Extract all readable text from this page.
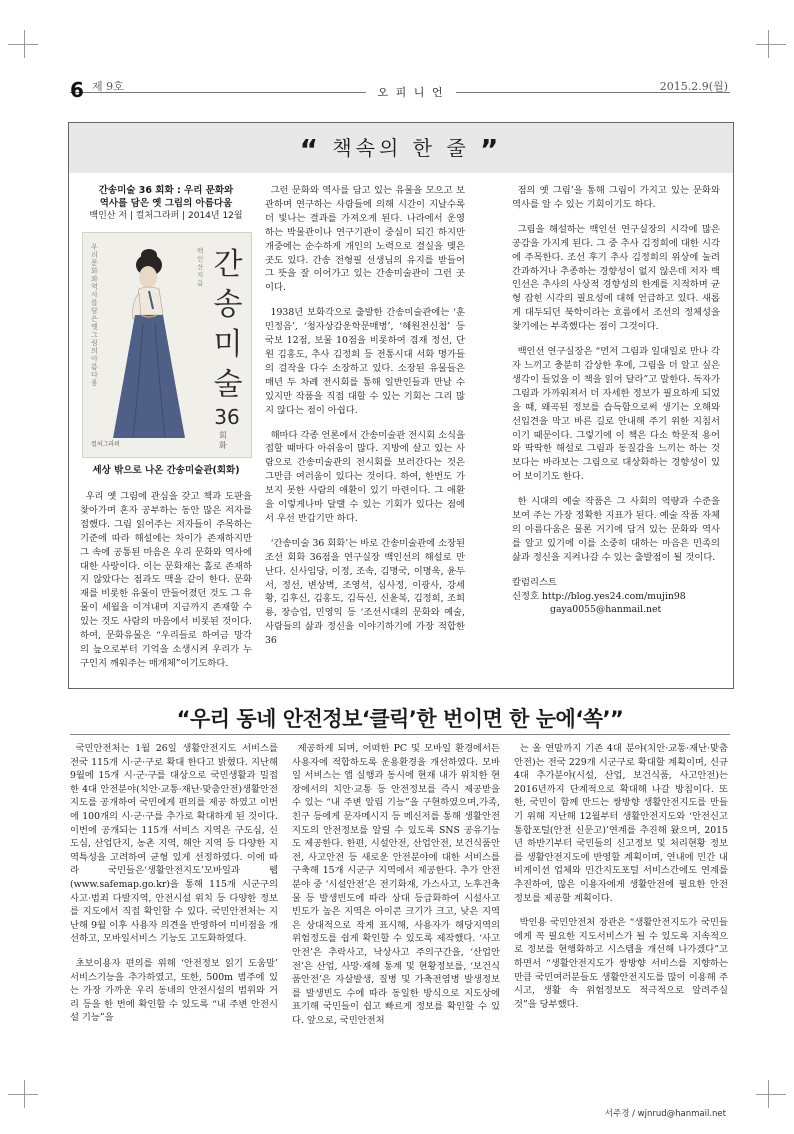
6 제 9호	오 피 니 언	2015.2.9(월)
“ 책속의 한 줄 ”
간송미술 36 회화 : 우리 문화와
역사를 담은 옛 그림의 아름다움
백인산 저 | 컬처그라퍼 | 2014년 12월
우리 문화와 역사를 담은 옛 그림의 아름다움
백인산 지음
간송미술
36
회화
컬처그라퍼
세상 밖으로 나온 간송미술관(회화)

우리 옛 그림에 관심을 갖고 책과 도판을 찾아가며 혼자 공부하는 동안 많은 저자를 접했다. 그림 읽어주는 저자들이 주목하는 기준에 따라 해설에는 차이가 존재하지만 그 속에 공통된 마음은 우리 문화와 역사에 대한 사랑이다. 이는 문화재는 홀로 존재하지 않았다는 점과도 맥을 같이 한다. 문화재를 비롯한 유물이 만들어졌던 것도 그 유물이 세월을 이겨내며 지금까지 존재할 수 있는 것도 사람의 마음에서 비롯된 것이다. 하여, 문화유물은 “우리들로 하여금 망각의 늪으로부터 기억을 소생시켜 우리가 누구인지 깨워주는 매개체”이기도하다.

그런 문화와 역사를 담고 있는 유물을 모으고 보관하며 연구하는 사람들에 의해 시간이 지날수록 더 빛나는 결과를 가져오게 된다. 나라에서 운영하는 박물관이나 연구기관이 중심이 되긴 하지만 개중에는 순수하게 개인의 노력으로 결실을 맺은 곳도 있다. 간송 전형필 선생님의 유지를 받들어 그 뜻을 잘 이어가고 있는 간송미술관이 그런 곳이다.

1938년 보화각으로 출발한 간송미술관에는 ‘훈민정음’, ‘청자상감운학문매병’, ‘혜원전신첩’ 등 국보 12점, 보물 10점을 비롯하여 겸재 정선, 단원 김홍도, 추사 김정희 등 전통시대 서화 명가들의 걸작을 다수 소장하고 있다. 소장된 유물들은 매년 두 차례 전시회를 통해 일반인들과 만날 수 있지만 작품을 직접 대할 수 있는 기회는 그리 많지 않다는 점이 아쉽다.

해마다 각종 언론에서 간송미술관 전시회 소식을 접할 때마다 아쉬움이 많다. 지방에 살고 있는 사람으로 간송미술관의 전시회를 보러간다는 것은 그만큼 여러움이 있다는 것이다. 하여, 한번도 가보지 못한 사람의 애환이 있기 마련이다. 그 애환을 이렇게나마 달랠 수 있는 기회가 있다는 점에서 우선 반갑기만 하다.

‘간송미술 36 회화’는 바로 간송미술관에 소장된 조선 회화 36점을 연구실장 백인선의 해설로 만난다. 신사임당, 이정, 조속, 김명국, 이명욱, 윤두서, 정선, 변상벽, 조영석, 심사정, 이광사, 강세황, 김후신, 김홍도, 김득신, 신윤복, 김정희, 조희룡, 장승업, 민영익 등 ‘조선시대의 문화와 예술, 사람들의 삶과 정신을 이야기하기에 가장 적합한 36

점의 옛 그림’을 통해 그림이 가지고 있는 문화와 역사를 알 수 있는 기회이기도 하다.

그림을 해설하는 백인선 연구실장의 시각에 많은 공감을 가지게 된다. 그 중 추사 김정희에 대한 시각에 주목한다. 조선 후기 추사 김정희의 위상에 눌려 간과하거나 추종하는 경향성이 없지 않은데 저자 백인선은 추사의 사상적 경향성의 한계를 지적하며 균형 잡힌 시각의 필요성에 대해 언급하고 있다. 새롭게 대두되던 북학이라는 흐름에서 조선의 정체성을 찾기에는 부족했다는 점이 그것이다.

백인선 연구실장은 “먼저 그림과 일대일로 만나 각자 느끼고 충분히 감상한 후에, 그림을 더 알고 싶은 생각이 들었을 이 책을 읽어 달라”고 말한다. 독자가 그림과 가까워져서 더 자세한 정보가 필요하게 되었을 때, 왜곡된 정보를 습득함으로써 생기는 오해와 선입견을 막고 바른 길로 안내해 주기 위한 지침서이기 때문이다. 그렇기에 이 책은 다소 학문적 용어와 딱딱한 해설로 그림과 동질감을 느끼는 하는 것 보다는 바라보는 그림으로 대상화하는 경향성이 있어 보이기도 한다.

한 시대의 예술 작품은 그 사회의 역량과 수준을 보여 주는 가장 정확한 지표가 된다. 예술 작품 자체의 아름다움은 물론 거기에 담겨 있는 문화와 역사를 알고 있기에 이를 소중히 대하는 마음은 민족의 삶과 정신을 지켜나갈 수 있는 출발점이 될 것이다.

칼럼리스트

신정호 http://blog.yes24.com/mujin98

gaya0055@hanmail.net

“우리 동네 안전정보‘클릭’한 번이면 한 눈에‘쏙’”

국민안전처는 1월 26일 생활안전지도 서비스를 전국 115개 시·군·구로 확대 한다고 밝혔다. 지난해 9월에 15개 시·군·구를 대상으로 국민생활과 밀접한 4대 안전분야(치안·교통·재난·맞춤안전)생활안전지도를 공개하여 국민에게 편의를 제공 하였고 이번에 100개의 시·군·구를 추가로 확대하게 된 것이다. 이번에 공개되는 115개 서비스 지역은 구도심, 신도심, 산업단지, 농촌 지역, 해안 지역 등 다양한 지역특성을 고려하여 균형 있게 선정하였다. 이에 따라 국민들은‘생활안전지도’모바일과 웹(www.safemap.go.kr)을 통해 115개 시군구의 사고·범죄 다발지역, 안전시설 위치 등 다양한 정보를 지도에서 직접 확인할 수 있다. 국민안전처는 지난해 9월 이후 사용자 의견을 반영하여 미비점을 개선하고, 모바일서비스 기능도 고도화하였다.

초보이용자 편의를 위해 ‘안전정보 읽기 도움말’ 서비스기능을 추가하였고, 또한, 500m 범주에 있는 가장 가까운 우리 동네의 안전시설의 범위와 거리 등을 한 번에 확인할 수 있도록 “내 주변 안전시설 기능”을

제공하게 되며, 어떠한 PC 및 모바일 환경에서든 사용자에 적합하도록 운용환경을 개선하였다. 모바일 서비스는 앱 실행과 동시에 현재 내가 위치한 현장에서의 치안·교통 등 안전정보를 즉시 제공받을 수 있는 “내 주변 알림 기능”을 구현하였으며,가족, 친구 등에게 문자메시지 등 메신저를 통해 생활안전지도의 안전정보를 알릴 수 있도록 SNS 공유기능도 제공한다. 한편, 시설안전, 산업안전, 보건식품안전, 사고안전 등 새로운 안전분야에 대한 서비스를 구축해 15개 시군구 지역에서 제공한다. 추가 안전분야 중 ‘시설안전’은 전기화재, 가스사고, 노후건축물 등 발생빈도에 따라 상대 등급화하여 시설사고 빈도가 높은 지역은 아이콘 크기가 크고, 낮은 지역은 상대적으로 작게 표시해, 사용자가 해당지역의 위험정도를 쉽게 확인할 수 있도록 제작했다. ‘사고안전’은 추락사고, 낙상사고 주의구간을, ‘산업안전’은 산업, 사망·재해 통계 및 현황정보를, ‘보건식품안전’은 자살발생, 질병 및 가축전염병 발생정보를 발생빈도 수에 따라 동일한 방식으로 지도상에 표기해 국민들이 쉽고 빠르게 정보를 확인할 수 있다. 앞으로, 국민안전처

는 올 연말까지 기존 4대 분야(치안·교통·재난·맞춤안전)는 전국 229개 시군구로 확대할 계획이며, 신규 4대 추가분야(시설, 산업, 보건식품, 사고안전)는 2016년까지 단계적으로 확대해 나갈 방침이다. 또한, 국민이 함께 만드는 쌍방향 생활안전지도를 만들기 위해 지난해 12월부터 생활안전지도와 ‘안전신고통합포털(안전 신문고)’연계를 추진해 왔으며, 2015년 하반기부터 국민들의 신고정보 및 처리현황 정보를 생활안전지도에 반영할 계획이며, 연내에 민간 내비게이션 업체와 민간지도포털 서비스간에도 연계를 추진하여, 많은 이용자에게 생활안전에 필요한 안전정보를 제공할 계획이다.

박인용 국민안전처 장관은 “생활안전지도가 국민들에게 꼭 필요한 지도서비스가 될 수 있도록 지속적으로 정보를 현행화하고 시스템을 개선해 나가겠다”고 하면서 “생활안전지도가 쌍방향 서비스를 지향하는 만큼 국민여러분들도 생활안전지도를 많이 이용해 주시고, 생활 속 위험정보도 적극적으로 알려주실 것”을 당부했다.

서주경 / wjnrud@hanmail.net
